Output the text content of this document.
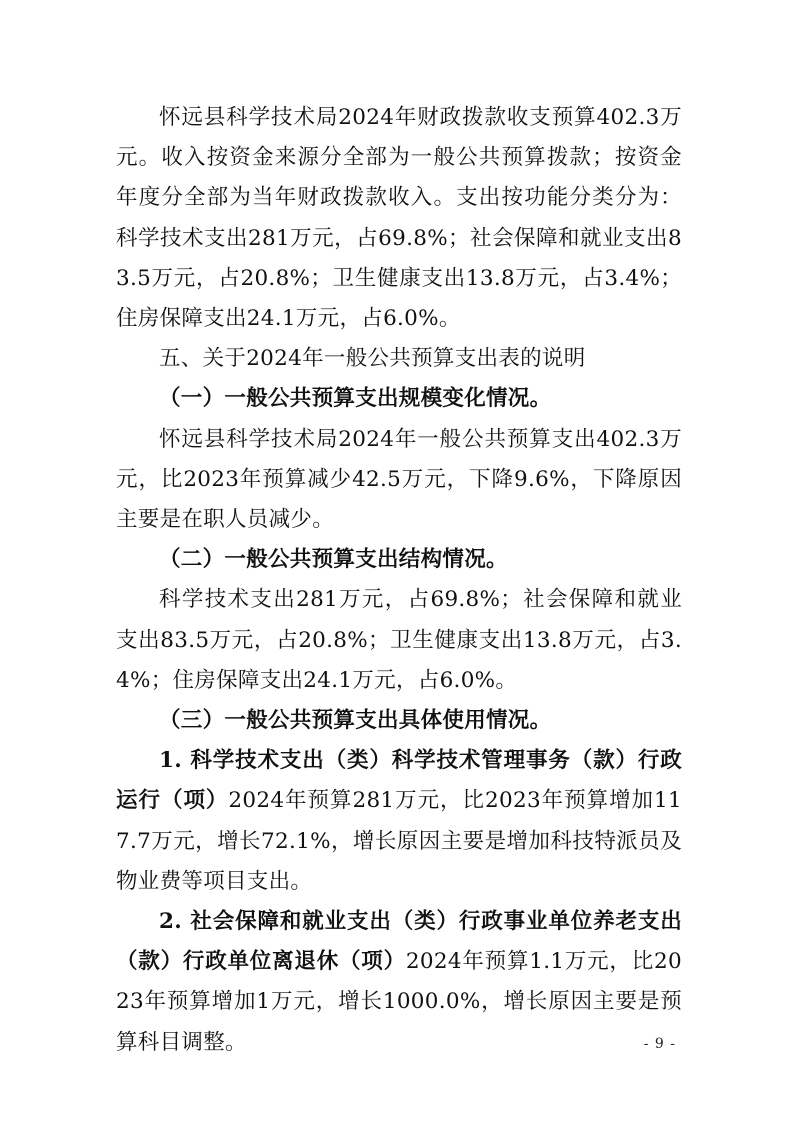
怀远县科学技术局2024年财政拨款收支预算402.3万元。收入按资金来源分全部为一般公共预算拨款；按资金年度分全部为当年财政拨款收入。支出按功能分类分为：科学技术支出281万元，占69.8%；社会保障和就业支出83.5万元，占20.8%；卫生健康支出13.8万元，占3.4%；住房保障支出24.1万元，占6.0%。

五、关于2024年一般公共预算支出表的说明

（一）一般公共预算支出规模变化情况。

怀远县科学技术局2024年一般公共预算支出402.3万元，比2023年预算减少42.5万元，下降9.6%，下降原因主要是在职人员减少。

（二）一般公共预算支出结构情况。

科学技术支出281万元，占69.8%；社会保障和就业支出83.5万元，占20.8%；卫生健康支出13.8万元，占3.4%；住房保障支出24.1万元，占6.0%。

（三）一般公共预算支出具体使用情况。

1. 科学技术支出（类）科学技术管理事务（款）行政运行（项）2024年预算281万元，比2023年预算增加117.7万元，增长72.1%，增长原因主要是增加科技特派员及物业费等项目支出。

2. 社会保障和就业支出（类）行政事业单位养老支出（款）行政单位离退休（项）2024年预算1.1万元，比2023年预算增加1万元，增长1000.0%，增长原因主要是预算科目调整。	- 9 -
